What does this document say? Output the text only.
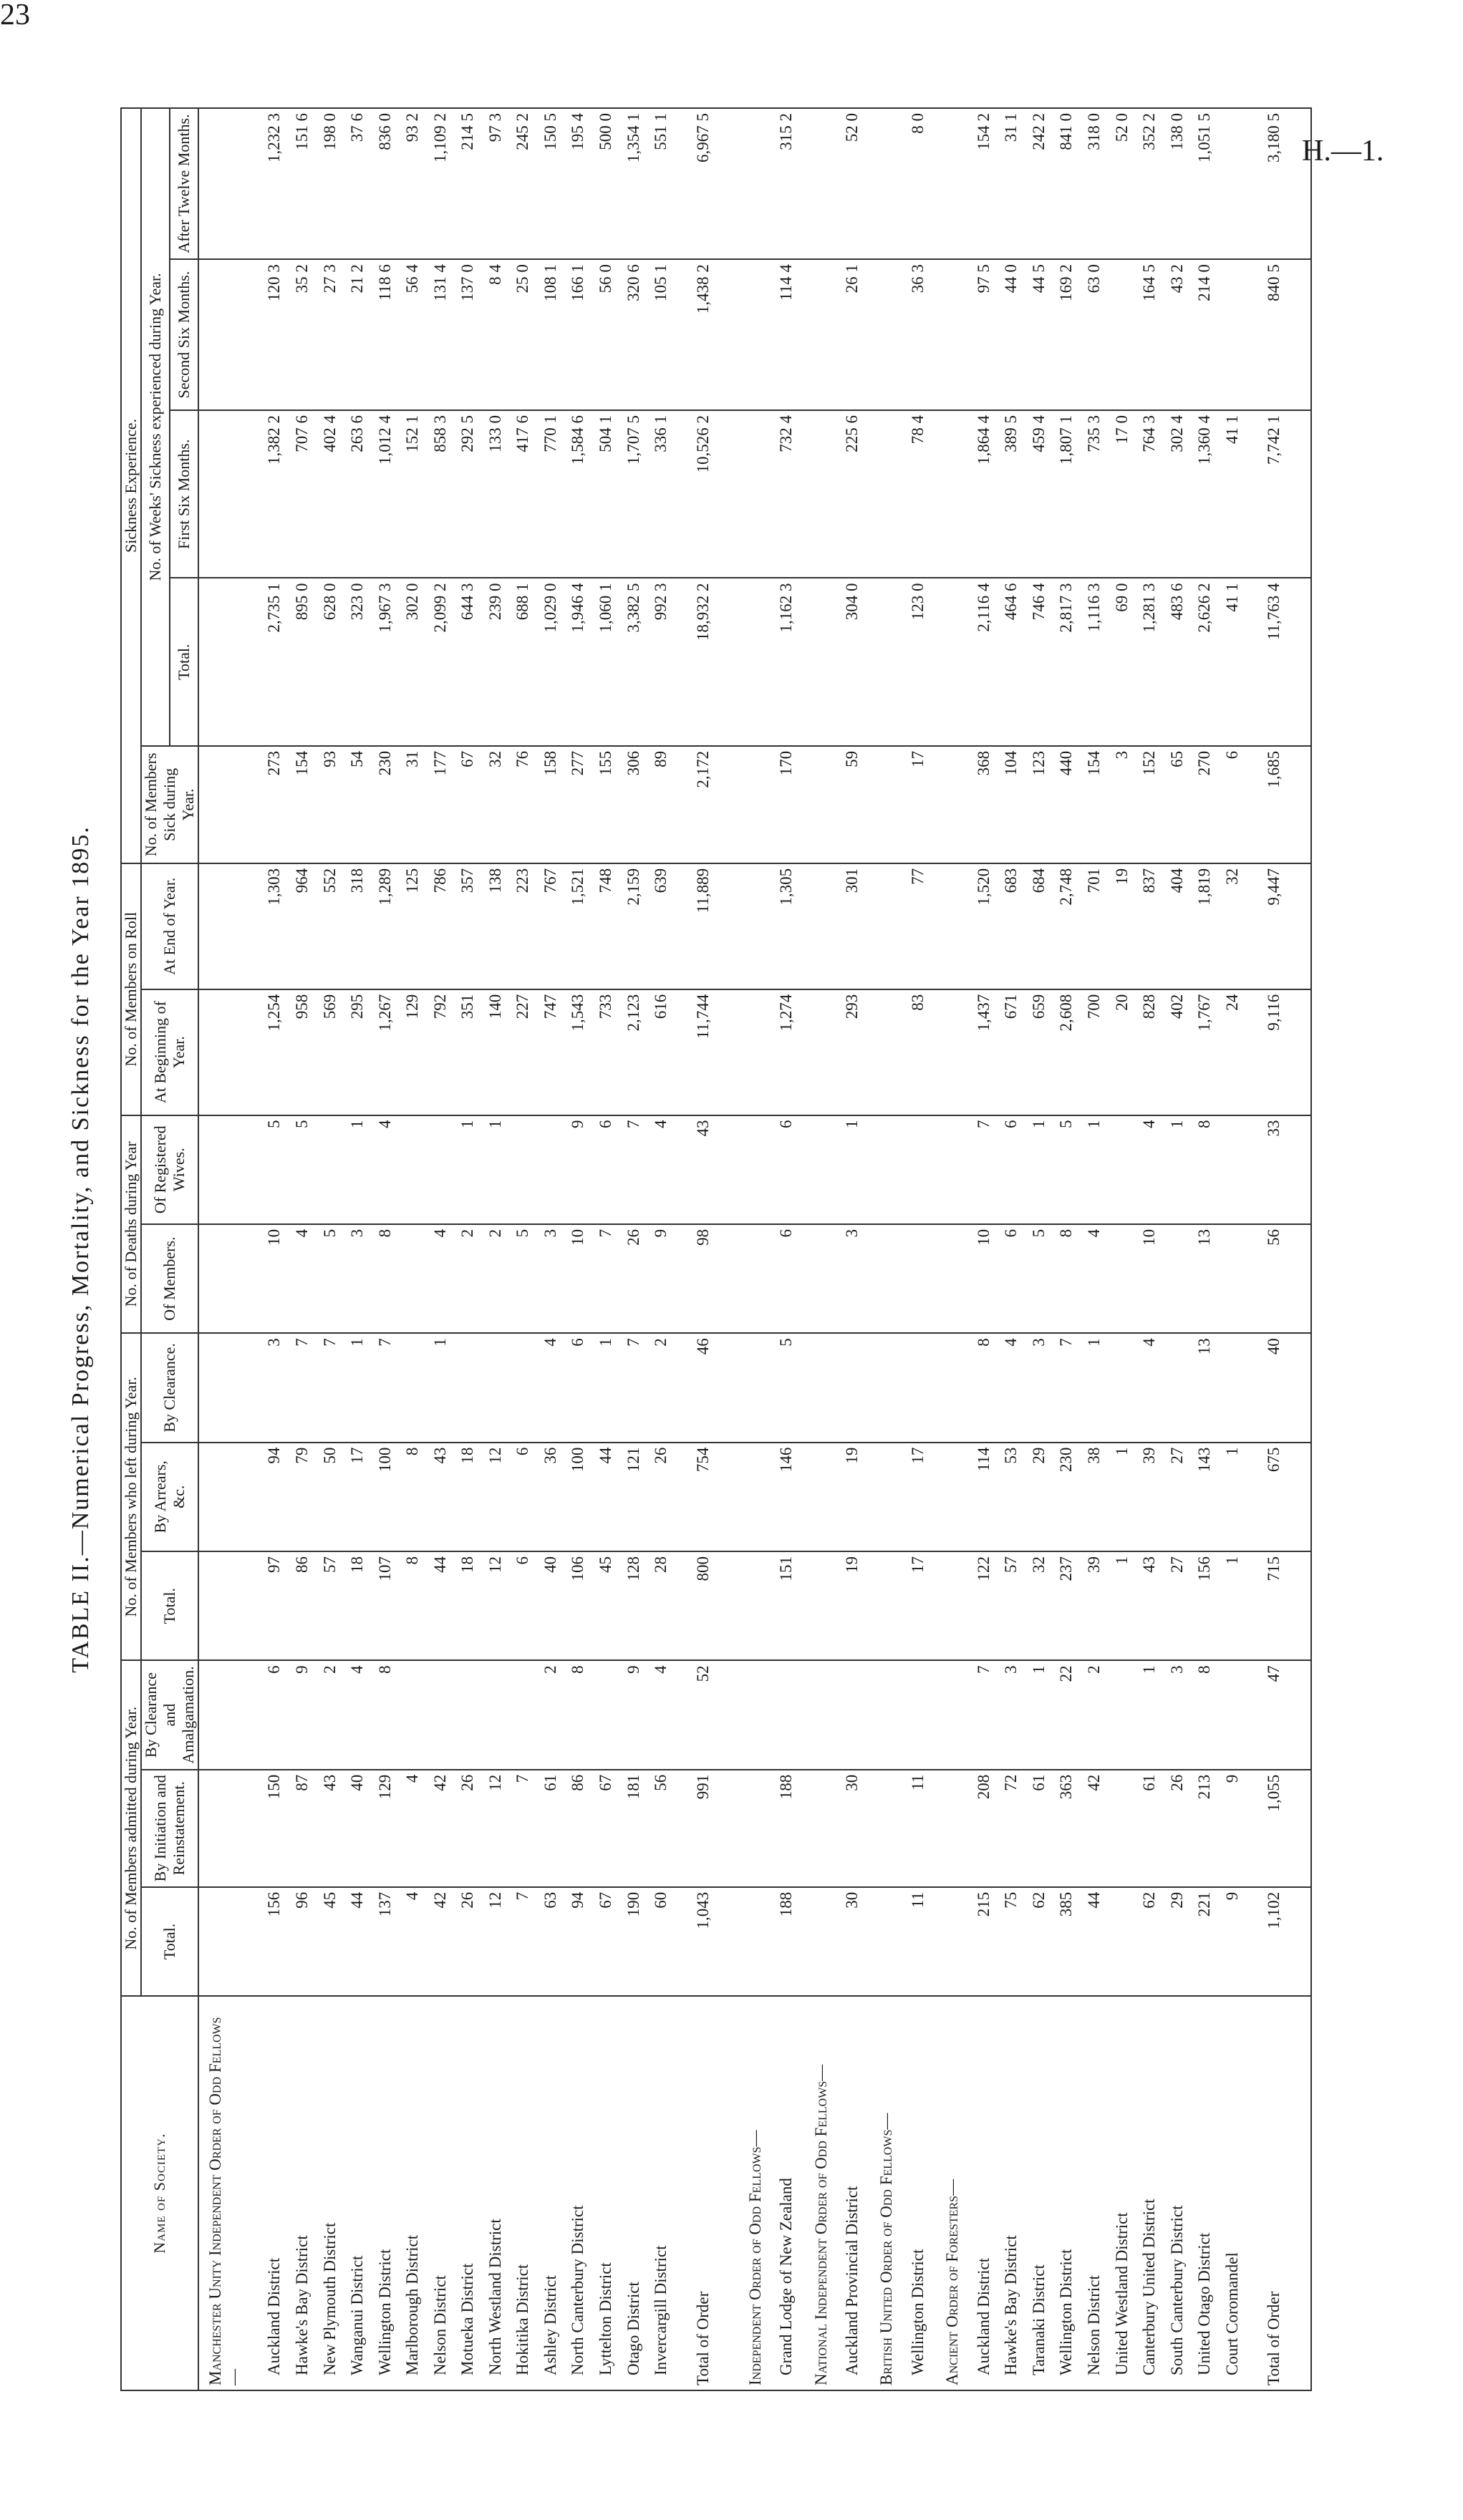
23
H.—1.
TABLE II.—Numerical Progress, Mortality, and Sickness for the Year 1895.
Name of Society.	No. of Members admitted during Year.			No. of Members who left during Year.			No. of Deaths during Year		No. of Members on Roll		Sickness Experience.				
	Total.	By Initiation and Reinstatement.	By Clearance and Amalgamation.	Total.	By Arrears, &c.	By Clearance.	Of Members.	Of Registered Wives.	At Beginning of Year.	At End of Year.	No. of Members Sick during Year.	No. of Weeks' Sickness experienced during Year.			
												Total.	First Six Months.	Second Six Months.	After Twelve Months.
Manchester Unity Independent Order of Odd Fellows—															
Auckland District	156	150	6	97	94	3	10	5	1,254	1,303	273	2,735 1	1,382 2	120 3	1,232 3
Hawke's Bay District	96	87	9	86	79	7	4	5	958	964	154	895 0	707 6	35 2	151 6
New Plymouth District	45	43	2	57	50	7	5		569	552	93	628 0	402 4	27 3	198 0
Wanganui District	44	40	4	18	17	1	3	1	295	318	54	323 0	263 6	21 2	37 6
Wellington District	137	129	8	107	100	7	8	4	1,267	1,289	230	1,967 3	1,012 4	118 6	836 0
Marlborough District	4	4		8	8				129	125	31	302 0	152 1	56 4	93 2
Nelson District	42	42		44	43	1	4		792	786	177	2,099 2	858 3	131 4	1,109 2
Motueka District	26	26		18	18		2	1	351	357	67	644 3	292 5	137 0	214 5
North Westland District	12	12		12	12		2	1	140	138	32	239 0	133 0	8 4	97 3
Hokitika District	7	7		6	6		5		227	223	76	688 1	417 6	25 0	245 2
Ashley District	63	61	2	40	36	4	3		747	767	158	1,029 0	770 1	108 1	150 5
North Canterbury District	94	86	8	106	100	6	10	9	1,543	1,521	277	1,946 4	1,584 6	166 1	195 4
Lyttelton District	67	67		45	44	1	7	6	733	748	155	1,060 1	504 1	56 0	500 0
Otago District	190	181	9	128	121	7	26	7	2,123	2,159	306	3,382 5	1,707 5	320 6	1,354 1
Invercargill District	60	56	4	28	26	2	9	4	616	639	89	992 3	336 1	105 1	551 1
Total of Order	1,043	991	52	800	754	46	98	43	11,744	11,889	2,172	18,932 2	10,526 2	1,438 2	6,967 5
Independent Order of Odd Fellows—															
Grand Lodge of New Zealand	188	188		151	146	5	6	6	1,274	1,305	170	1,162 3	732 4	114 4	315 2
National Independent Order of Odd Fellows—															
Auckland Provincial District	30	30		19	19		3	1	293	301	59	304 0	225 6	26 1	52 0
British United Order of Odd Fellows—															
Wellington District	11	11		17	17				83	77	17	123 0	78 4	36 3	8 0
Ancient Order of Foresters—															
Auckland District	215	208	7	122	114	8	10	7	1,437	1,520	368	2,116 4	1,864 4	97 5	154 2
Hawke's Bay District	75	72	3	57	53	4	6	6	671	683	104	464 6	389 5	44 0	31 1
Taranaki District	62	61	1	32	29	3	5	1	659	684	123	746 4	459 4	44 5	242 2
Wellington District	385	363	22	237	230	7	8	5	2,608	2,748	440	2,817 3	1,807 1	169 2	841 0
Nelson District	44	42	2	39	38	1	4	1	700	701	154	1,116 3	735 3	63 0	318 0
United Westland District				1	1				20	19	3	69 0	17 0		52 0
Canterbury United District	62	61	1	43	39	4	10	4	828	837	152	1,281 3	764 3	164 5	352 2
South Canterbury District	29	26	3	27	27			1	402	404	65	483 6	302 4	43 2	138 0
United Otago District	221	213	8	156	143	13	13	8	1,767	1,819	270	2,626 2	1,360 4	214 0	1,051 5
Court Coromandel	9	9		1	1				24	32	6	41 1	41 1		
Total of Order	1,102	1,055	47	715	675	40	56	33	9,116	9,447	1,685	11,763 4	7,742 1	840 5	3,180 5
